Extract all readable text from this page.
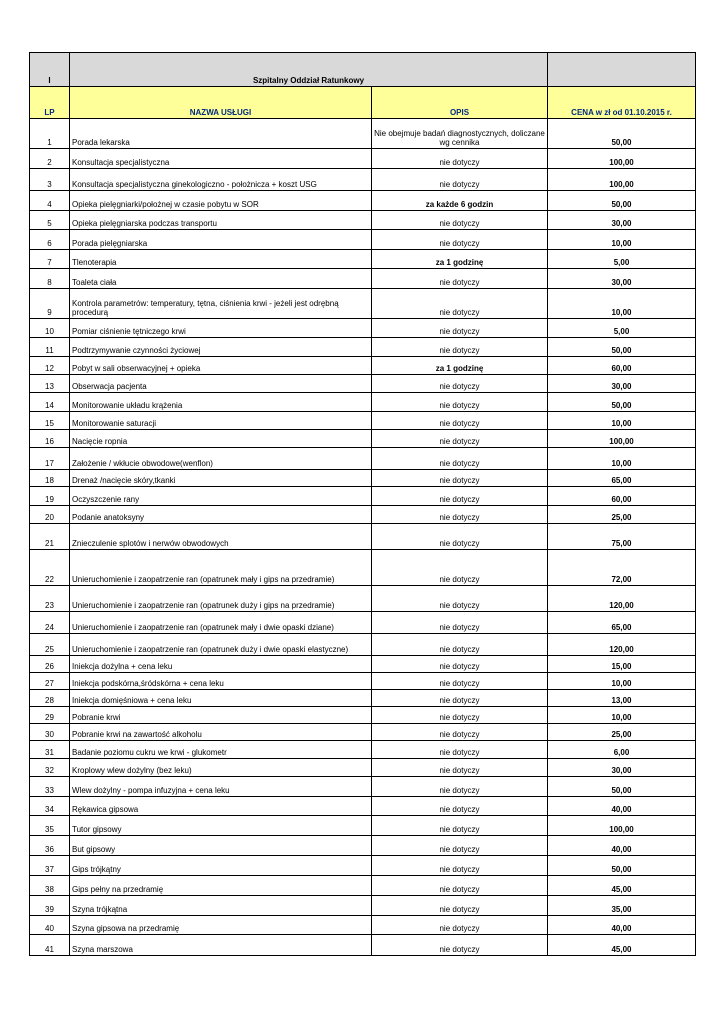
I	Szpitalny Oddział Ratunkowy		
LP	NAZWA USŁUGI	OPIS	CENA w zł od 01.10.2015 r.
1	Porada lekarska	Nie obejmuje badań diagnostycznych, doliczane wg cennika	50,00
2	Konsultacja specjalistyczna	nie dotyczy	100,00
3	Konsultacja specjalistyczna ginekologiczno - położnicza + koszt USG	nie dotyczy	100,00
4	Opieka pielęgniarki/położnej w czasie pobytu w SOR	za każde 6 godzin	50,00
5	Opieka pielęgniarska podczas transportu	nie dotyczy	30,00
6	Porada pielęgniarska	nie dotyczy	10,00
7	Tlenoterapia	za 1 godzinę	5,00
8	Toaleta ciała	nie dotyczy	30,00
9	Kontrola parametrów: temperatury, tętna, ciśnienia krwi - jeżeli jest odrębną procedurą	nie dotyczy	10,00
10	Pomiar ciśnienie tętniczego krwi	nie dotyczy	5,00
11	Podtrzymywanie czynności życiowej	nie dotyczy	50,00
12	Pobyt w sali obserwacyjnej + opieka	za 1 godzinę	60,00
13	Obserwacja pacjenta	nie dotyczy	30,00
14	Monitorowanie układu krążenia	nie dotyczy	50,00
15	Monitorowanie saturacji	nie dotyczy	10,00
16	Nacięcie ropnia	nie dotyczy	100,00
17	Założenie / wkłucie obwodowe(wenflon)	nie dotyczy	10,00
18	Drenaż /nacięcie skóry,tkanki	nie dotyczy	65,00
19	Oczyszczenie rany	nie dotyczy	60,00
20	Podanie anatoksyny	nie dotyczy	25,00
21	Znieczulenie splotów i nerwów obwodowych	nie dotyczy	75,00
22	Unieruchomienie i zaopatrzenie ran (opatrunek mały i gips na przedramie)	nie dotyczy	72,00
23	Unieruchomienie i zaopatrzenie ran (opatrunek duży i gips na przedramie)	nie dotyczy	120,00
24	Unieruchomienie i zaopatrzenie ran (opatrunek mały i dwie opaski dziane)	nie dotyczy	65,00
25	Unieruchomienie i zaopatrzenie ran (opatrunek duży i dwie opaski elastyczne)	nie dotyczy	120,00
26	Iniekcja dożylna + cena leku	nie dotyczy	15,00
27	Iniekcja podskórna,śródskórna + cena leku	nie dotyczy	10,00
28	Iniekcja domięśniowa + cena leku	nie dotyczy	13,00
29	Pobranie krwi	nie dotyczy	10,00
30	Pobranie krwi na zawartość alkoholu	nie dotyczy	25,00
31	Badanie poziomu cukru we krwi - glukometr	nie dotyczy	6,00
32	Kroplowy wlew dożylny (bez leku)	nie dotyczy	30,00
33	Wlew dożylny - pompa infuzyjna + cena leku	nie dotyczy	50,00
34	Rękawica gipsowa	nie dotyczy	40,00
35	Tutor gipsowy	nie dotyczy	100,00
36	But gipsowy	nie dotyczy	40,00
37	Gips trójkątny	nie dotyczy	50,00
38	Gips pełny na przedramię	nie dotyczy	45,00
39	Szyna trójkątna	nie dotyczy	35,00
40	Szyna gipsowa na przedramię	nie dotyczy	40,00
41	Szyna marszowa	nie dotyczy	45,00
